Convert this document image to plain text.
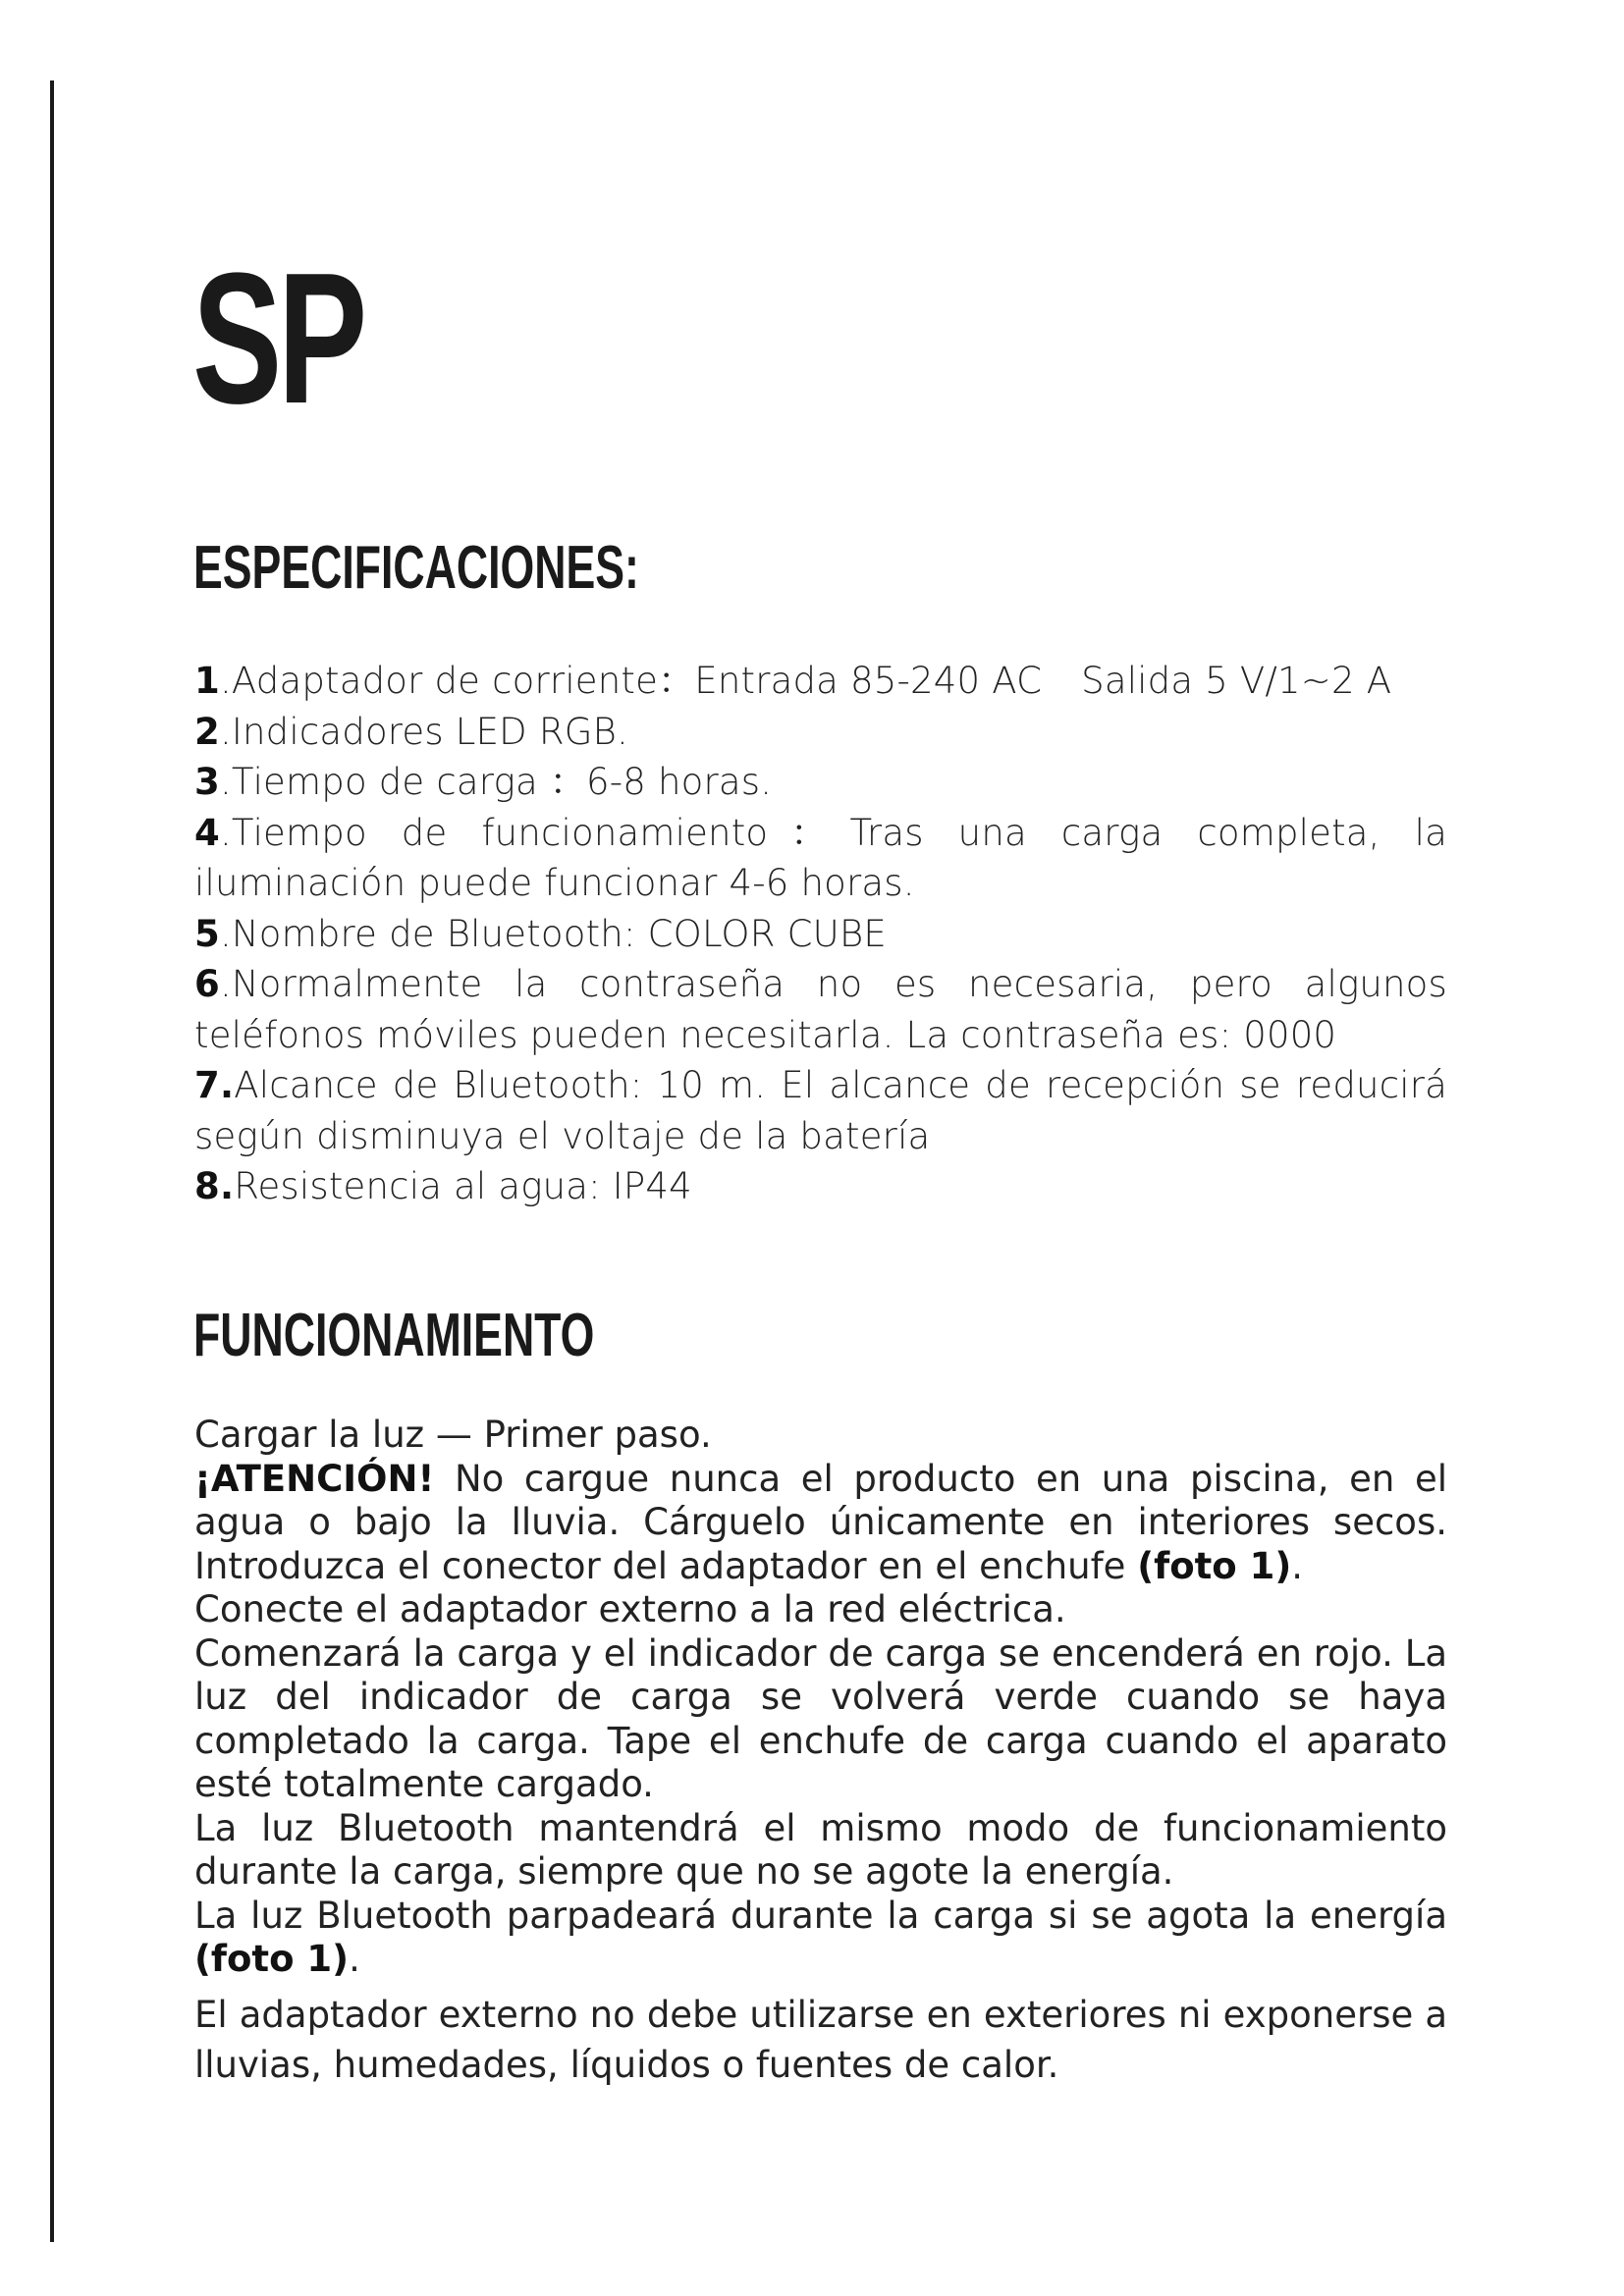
SP
ESPECIFICACIONES:
1.Adaptador de corriente：Entrada 85-240 AC Salida 5 V/1~2 A
2.Indicadores LED RGB.
3.Tiempo de carga ：6-8 horas.
4.Tiempo de funcionamiento：Tras una carga completa, la iluminación puede funcionar 4-6 horas.
5.Nombre de Bluetooth: COLOR CUBE
6.Normalmente la contraseña no es necesaria, pero algunos teléfonos móviles pueden necesitarla. La contraseña es: 0000
7.Alcance de Bluetooth: 10 m. El alcance de recepción se reducirá según disminuya el voltaje de la batería
8.Resistencia al agua: IP44
FUNCIONAMIENTO

Cargar la luz — Primer paso.

¡ATENCIÓN! No cargue nunca el producto en una piscina, en el agua o bajo la lluvia. Cárguelo únicamente en interiores secos. Introduzca el conector del adaptador en el enchufe (foto 1).

Conecte el adaptador externo a la red eléctrica.

Comenzará la carga y el indicador de carga se encenderá en rojo. La luz del indicador de carga se volverá verde cuando se haya completado la carga. Tape el enchufe de carga cuando el aparato esté totalmente cargado.

La luz Bluetooth mantendrá el mismo modo de funcionamiento durante la carga, siempre que no se agote la energía.

La luz Bluetooth parpadeará durante la carga si se agota la energía (foto 1).

El adaptador externo no debe utilizarse en exteriores ni exponerse a lluvias, humedades, líquidos o fuentes de calor.
